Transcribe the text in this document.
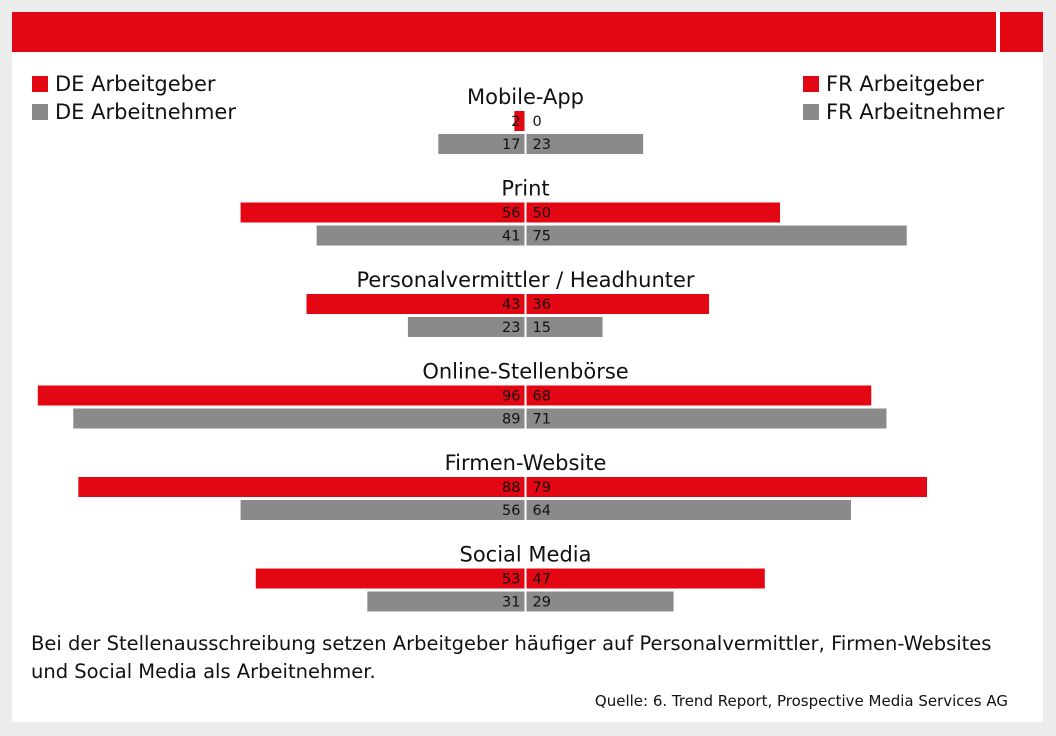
DE Arbeitgeber
DE Arbeitnehmer
FR Arbeitgeber
FR Arbeitnehmer
Mobile-App
2 0
17 23
Print
56 50
41 75
Personalvermittler / Headhunter
43 36
23 15
Online-Stellenbörse
96 68
89 71
Firmen-Website
88 79
56 64
Social Media
53 47
31 29
Bei der Stellenausschreibung setzen Arbeitgeber häufiger auf Personalvermittler, Firmen-Websites und Social Media als Arbeitnehmer.
Quelle: 6. Trend Report, Prospective Media Services AG
